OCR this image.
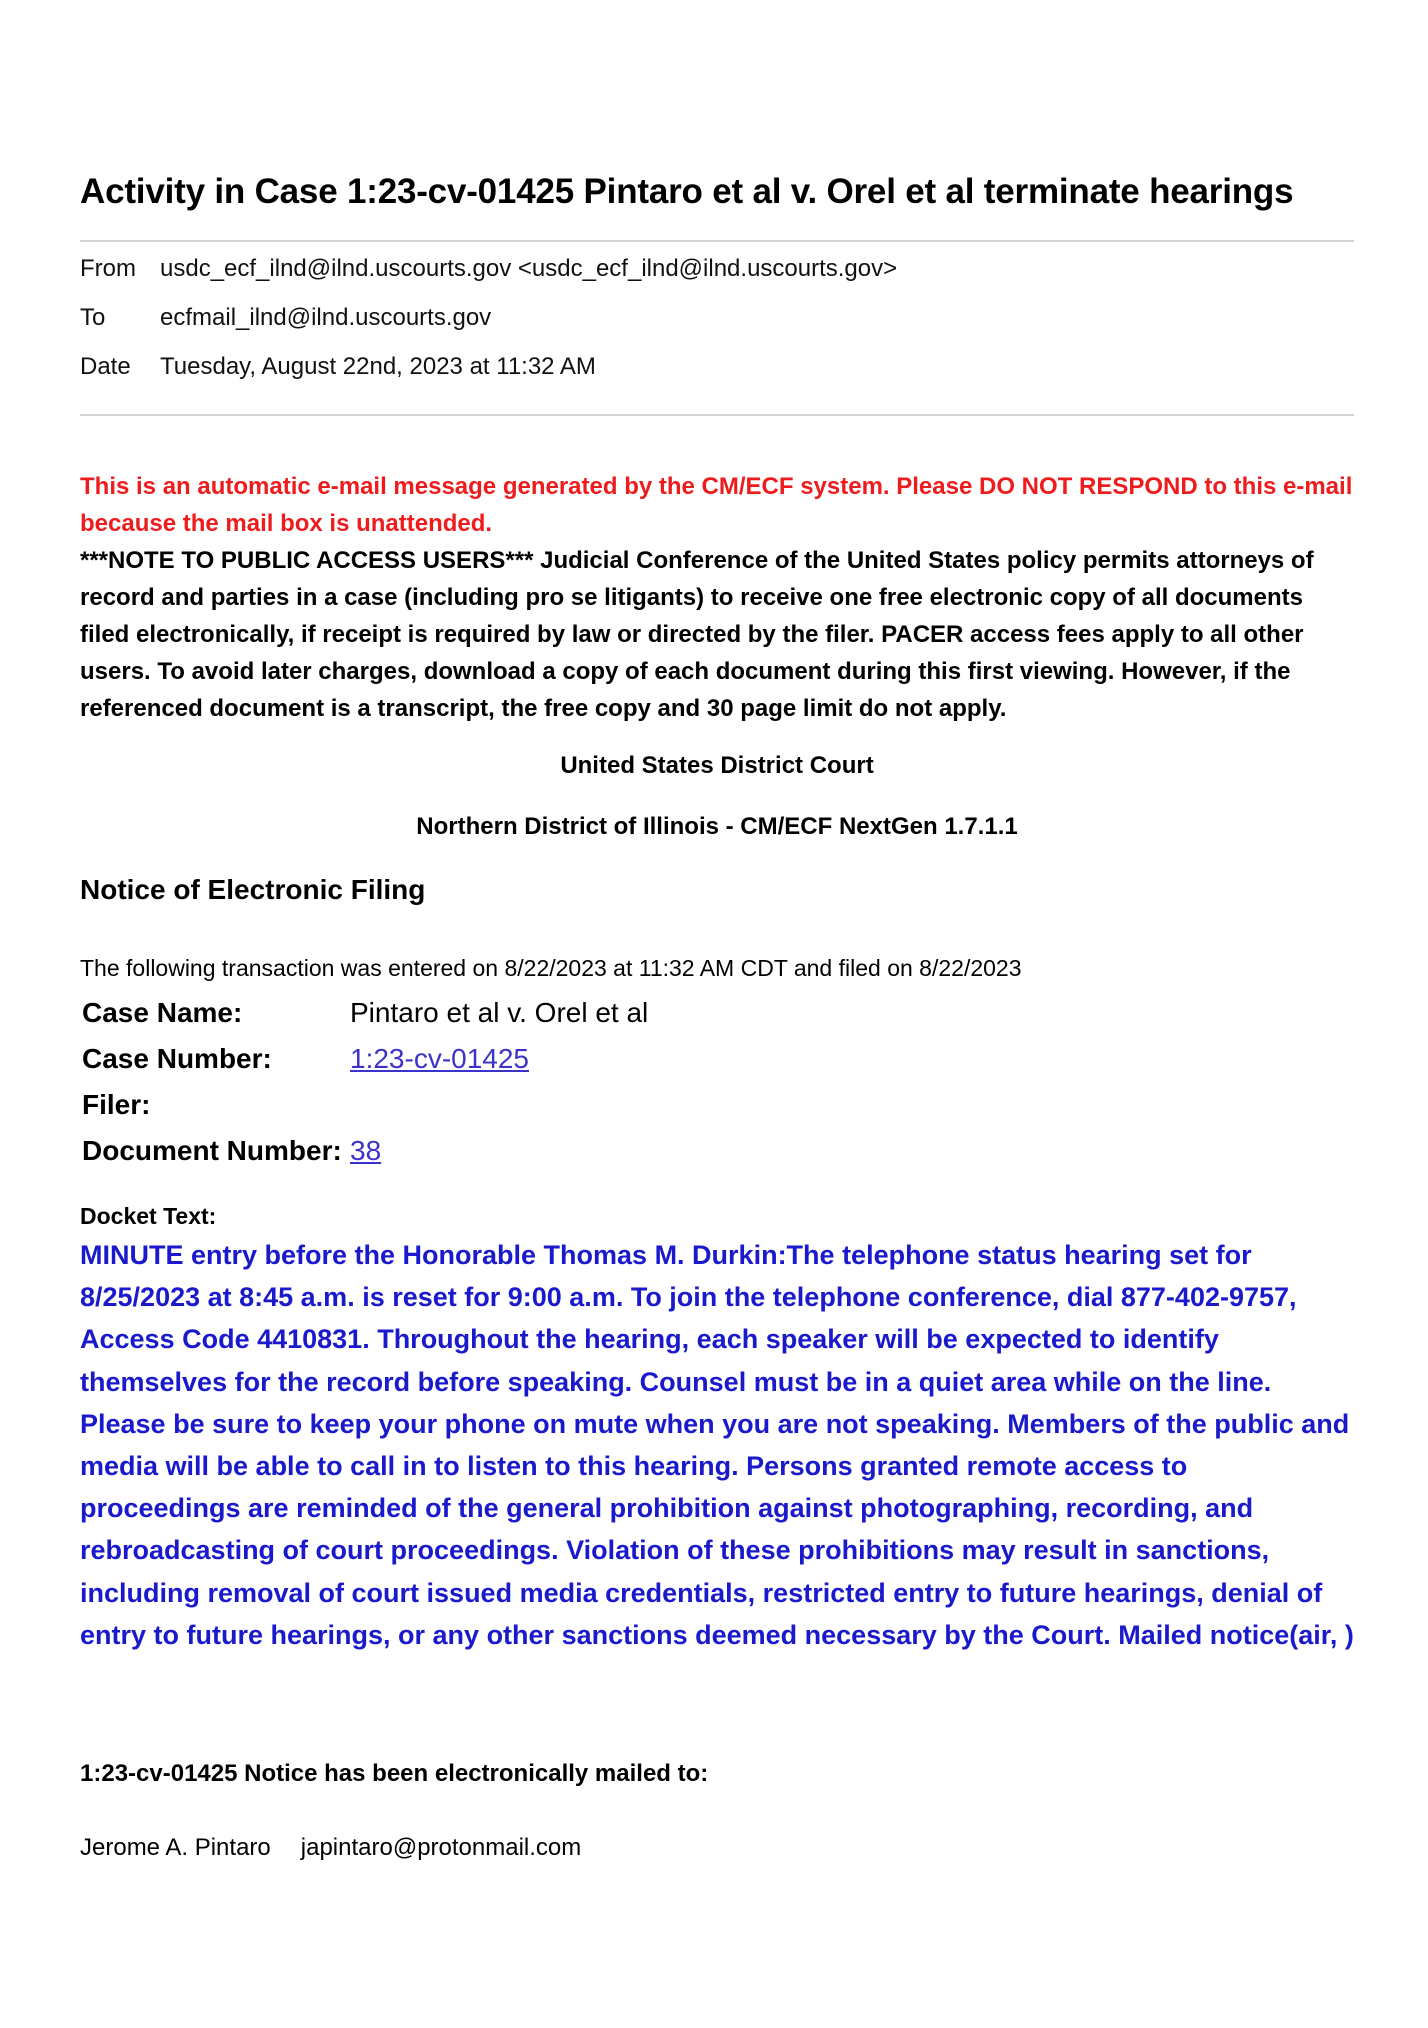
Activity in Case 1:23-cv-01425 Pintaro et al v. Orel et al terminate hearings
From usdc_ecf_ilnd@ilnd.uscourts.gov <usdc_ecf_ilnd@ilnd.uscourts.gov>
To ecfmail_ilnd@ilnd.uscourts.gov
Date Tuesday, August 22nd, 2023 at 11:32 AM
This is an automatic e-mail message generated by the CM/ECF system. Please DO NOT RESPOND to this e-mail because the mail box is unattended.
***NOTE TO PUBLIC ACCESS USERS*** Judicial Conference of the United States policy permits attorneys of record and parties in a case (including pro se litigants) to receive one free electronic copy of all documents filed electronically, if receipt is required by law or directed by the filer. PACER access fees apply to all other users. To avoid later charges, download a copy of each document during this first viewing. However, if the referenced document is a transcript, the free copy and 30 page limit do not apply.
United States District Court
Northern District of Illinois - CM/ECF NextGen 1.7.1.1
Notice of Electronic Filing
The following transaction was entered on 8/22/2023 at 11:32 AM CDT and filed on 8/22/2023
Case Name:	Pintaro et al v. Orel et al
Case Number:	1:23-cv-01425
Filer:
Document Number: 38
Docket Text:
MINUTE entry before the Honorable Thomas M. Durkin:The telephone status hearing set for 8/25/2023 at 8:45 a.m. is reset for 9:00 a.m. To join the telephone conference, dial 877-402-9757, Access Code 4410831. Throughout the hearing, each speaker will be expected to identify themselves for the record before speaking. Counsel must be in a quiet area while on the line. Please be sure to keep your phone on mute when you are not speaking. Members of the public and media will be able to call in to listen to this hearing. Persons granted remote access to proceedings are reminded of the general prohibition against photographing, recording, and rebroadcasting of court proceedings. Violation of these prohibitions may result in sanctions, including removal of court issued media credentials, restricted entry to future hearings, denial of entry to future hearings, or any other sanctions deemed necessary by the Court. Mailed notice(air, )
1:23-cv-01425 Notice has been electronically mailed to:
Jerome A. Pintaro japintaro@protonmail.com
